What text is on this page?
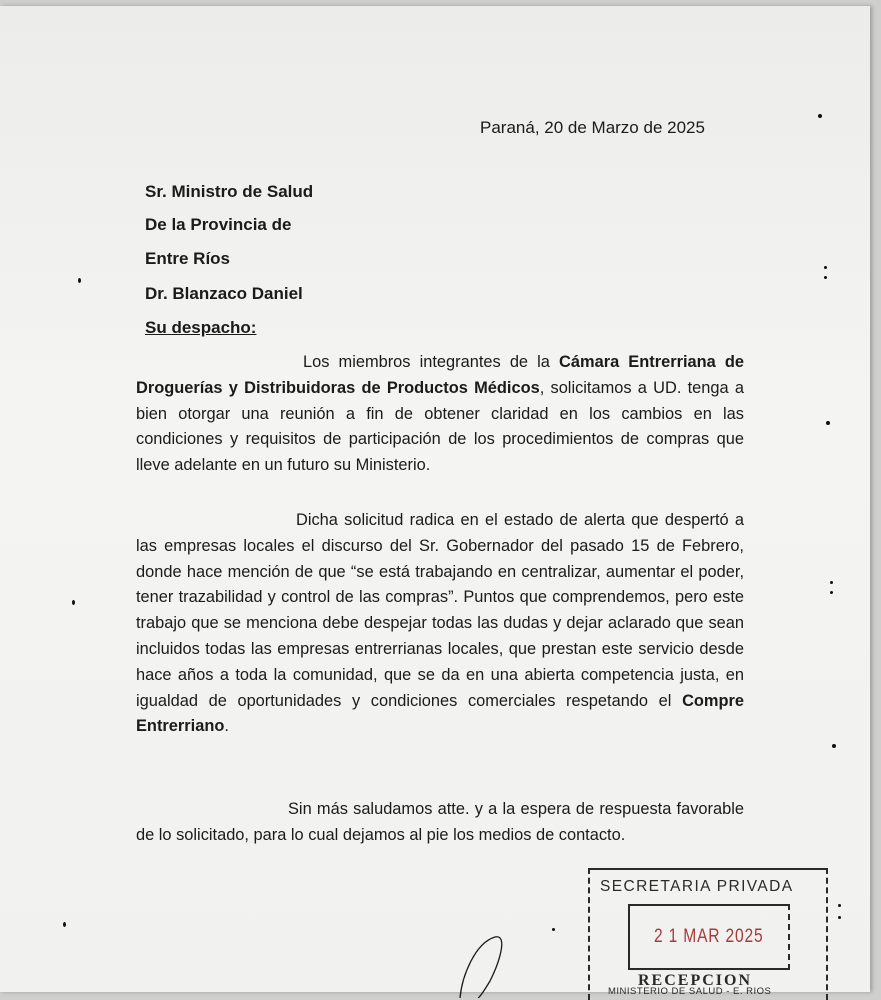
Paraná, 20 de Marzo de 2025
Sr. Ministro de Salud
De la Provincia de
Entre Ríos
Dr. Blanzaco Daniel
Su despacho:

Los miembros integrantes de la Cámara Entrerriana de Droguerías y Distribuidoras de Productos Médicos, solicitamos a UD. tenga a bien otorgar una reunión a fin de obtener claridad en los cambios en las condiciones y requisitos de participación de los procedimientos de compras que lleve adelante en un futuro su Ministerio.

Dicha solicitud radica en el estado de alerta que despertó a las empresas locales el discurso del Sr. Gobernador del pasado 15 de Febrero, donde hace mención de que “se está trabajando en centralizar, aumentar el poder, tener trazabilidad y control de las compras”. Puntos que comprendemos, pero este trabajo que se menciona debe despejar todas las dudas y dejar aclarado que sean incluidos todas las empresas entrerrianas locales, que prestan este servicio desde hace años a toda la comunidad, que se da en una abierta competencia justa, en igualdad de oportunidades y condiciones comerciales respetando el Compre Entrerriano.

Sin más saludamos atte. y a la espera de respuesta favorable de lo solicitado, para lo cual dejamos al pie los medios de contacto.

SECRETARIA PRIVADA
2 1 MAR 2025
RECEPCION
MINISTERIO DE SALUD - E. RIOS
